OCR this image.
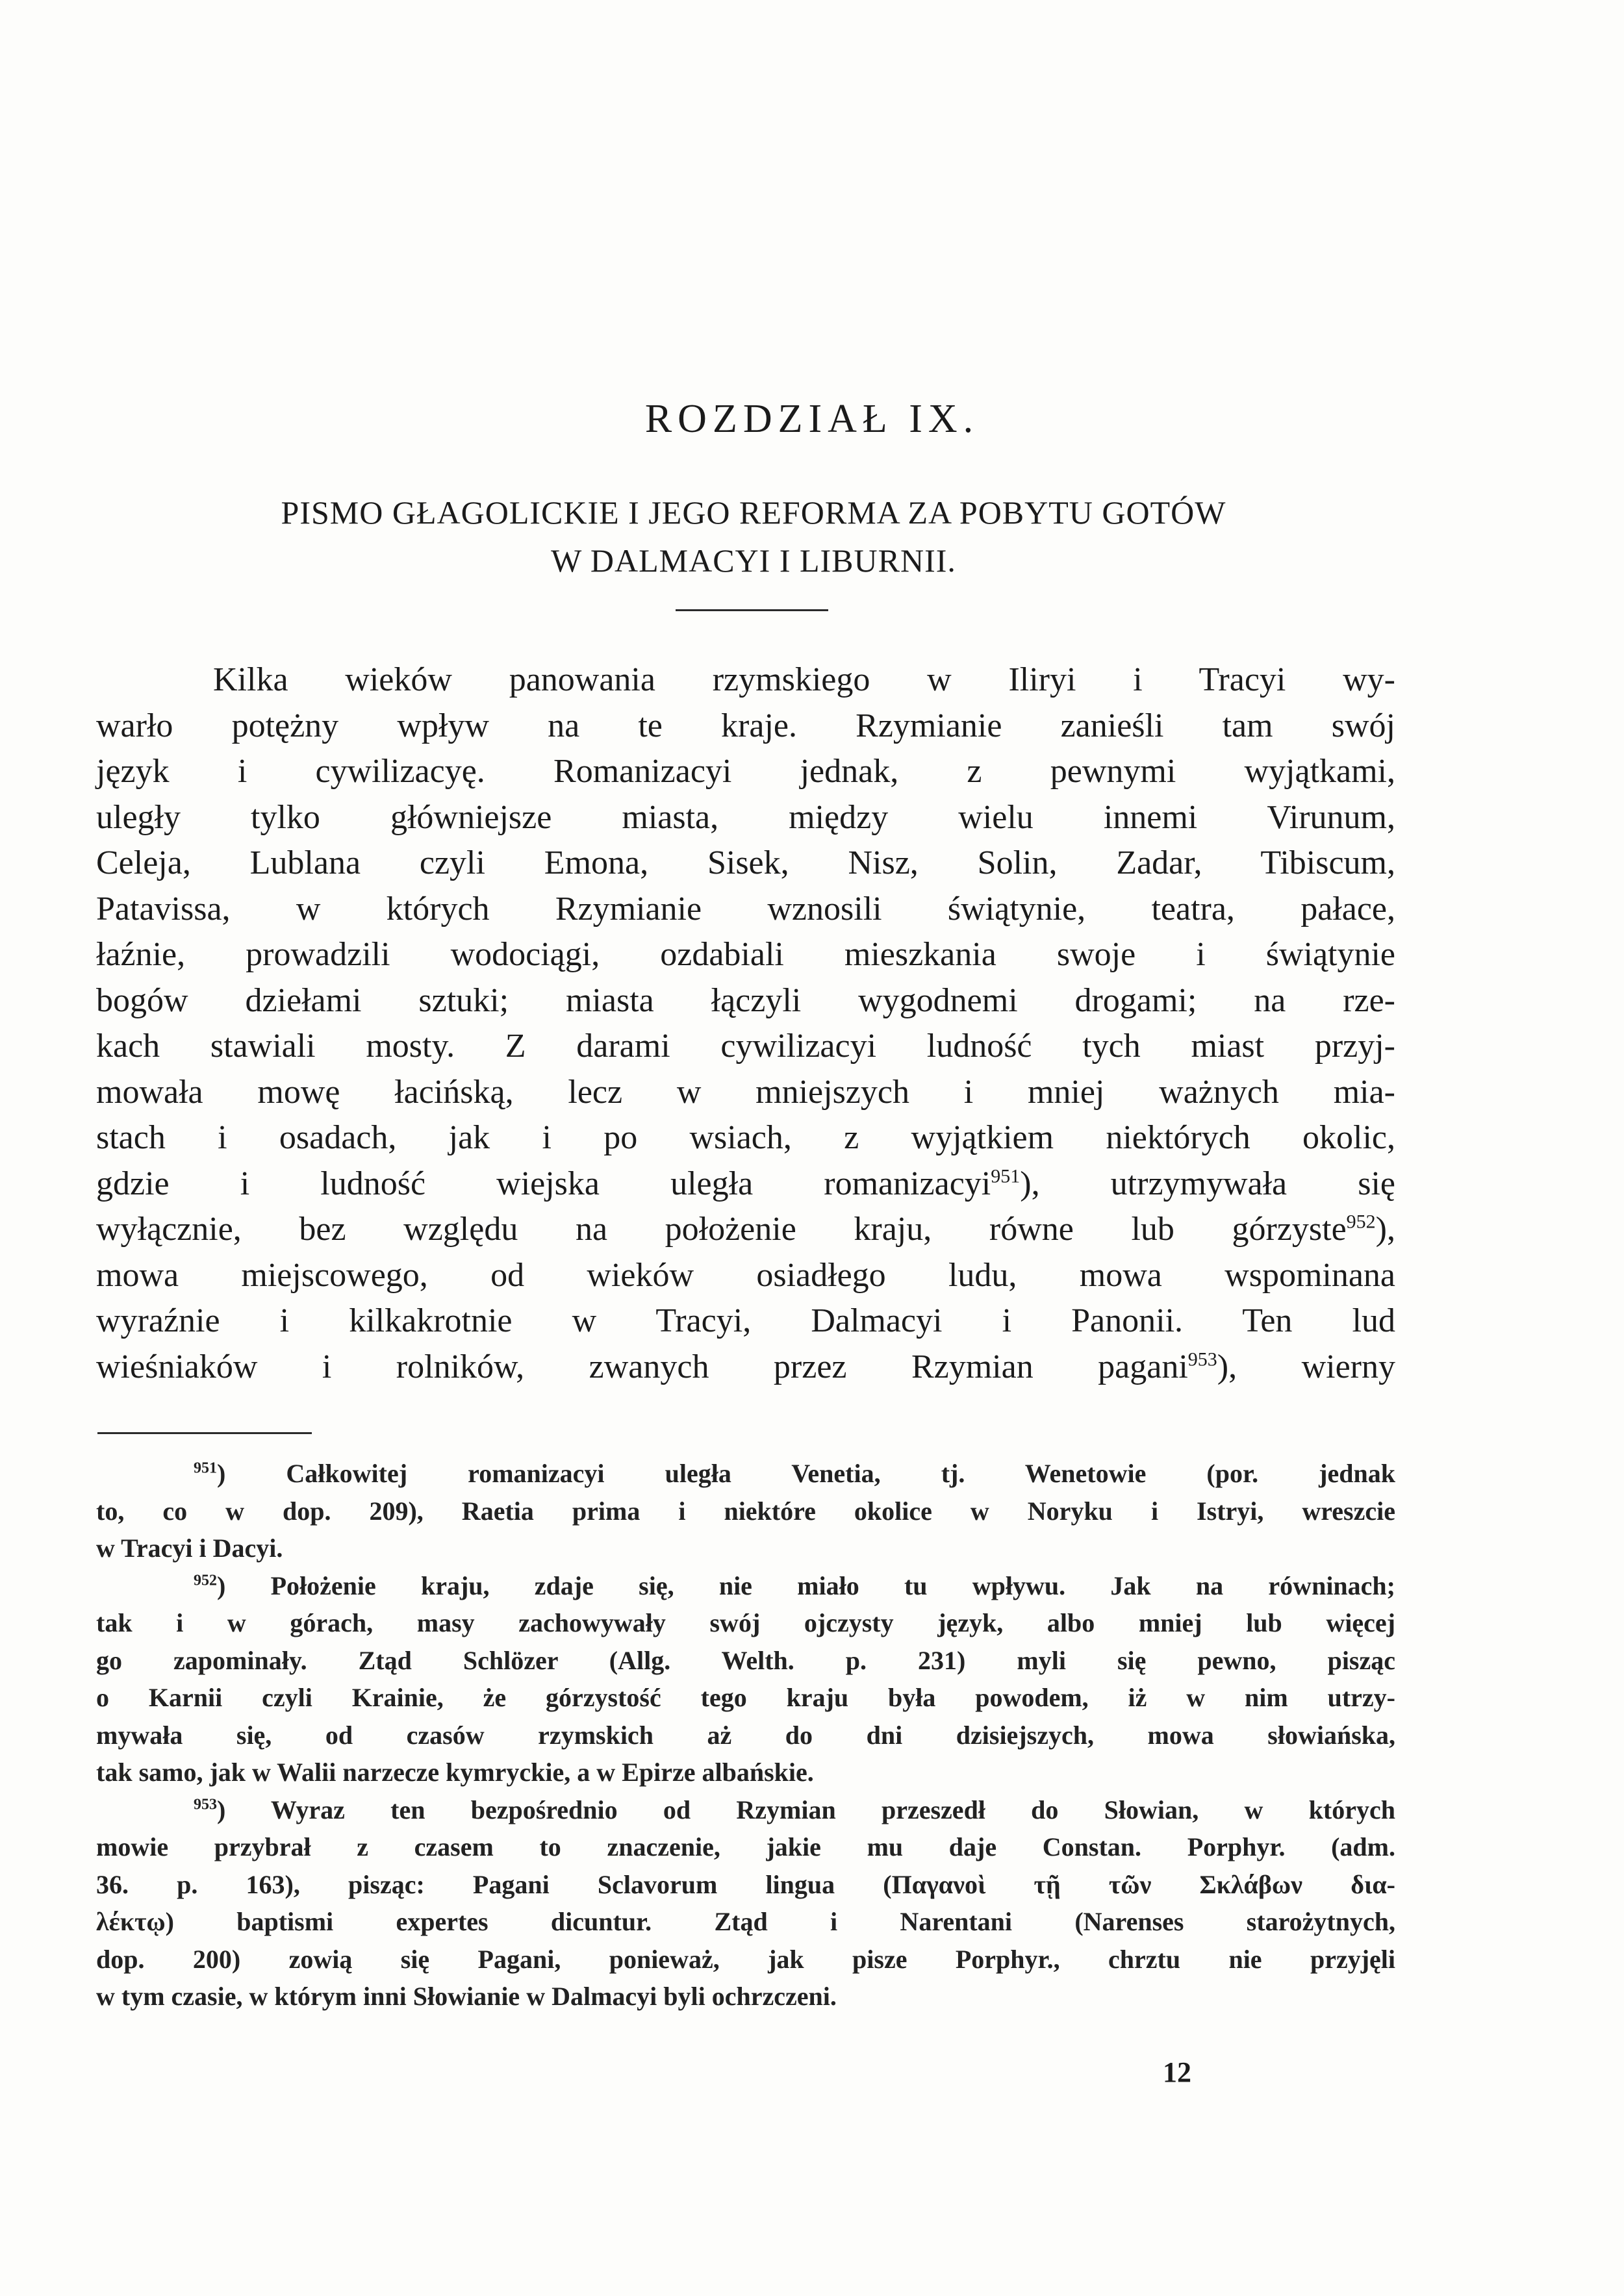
ROZDZIAŁ IX.
PISMO GŁAGOLICKIE I JEGO REFORMA ZA POBYTU GOTÓW
W DALMACYI I LIBURNII.
Kilka wieków panowania rzymskiego w Iliryi i Tracyi wy-
warło potężny wpływ na te kraje. Rzymianie zanieśli tam swój
język i cywilizacyę. Romanizacyi jednak, z pewnymi wyjątkami,
uległy tylko główniejsze miasta, między wielu innemi Virunum,
Celeja, Lublana czyli Emona, Sisek, Nisz, Solin, Zadar, Tibiscum,
Patavissa, w których Rzymianie wznosili świątynie, teatra, pałace,
łaźnie, prowadzili wodociągi, ozdabiali mieszkania swoje i świątynie
bogów dziełami sztuki; miasta łączyli wygodnemi drogami; na rze-
kach stawiali mosty. Z darami cywilizacyi ludność tych miast przyj-
mowała mowę łacińską, lecz w mniejszych i mniej ważnych mia-
stach i osadach, jak i po wsiach, z wyjątkiem niektórych okolic,
gdzie i ludność wiejska uległa romanizacyi$^{951}$), utrzymywała się
wyłącznie, bez względu na położenie kraju, równe lub górzyste$^{952}$),
mowa miejscowego, od wieków osiadłego ludu, mowa wspominana
wyraźnie i kilkakrotnie w Tracyi, Dalmacyi i Panonii. Ten lud
wieśniaków i rolników, zwanych przez Rzymian pagani$^{953}$), wierny
$^{951}$) Całkowitej romanizacyi uległa Venetia, tj. Wenetowie (por. jednak
to, co w dop. 209), Raetia prima i niektóre okolice w Noryku i Istryi, wreszcie
w Tracyi i Dacyi.
$^{952}$) Położenie kraju, zdaje się, nie miało tu wpływu. Jak na równinach;
tak i w górach, masy zachowywały swój ojczysty język, albo mniej lub więcej
go zapominały. Ztąd Schlözer (Allg. Welth. p. 231) myli się pewno, pisząc
o Karnii czyli Krainie, że górzystość tego kraju była powodem, iż w nim utrzy-
mywała się, od czasów rzymskich aż do dni dzisiejszych, mowa słowiańska,
tak samo, jak w Walii narzecze kymryckie, a w Epirze albańskie.
$^{953}$) Wyraz ten bezpośrednio od Rzymian przeszedł do Słowian, w których
mowie przybrał z czasem to znaczenie, jakie mu daje Constan. Porphyr. (adm.
36. p. 163), pisząc: Pagani Sclavorum lingua (Παγανοὶ τῇ τῶν Σκλάβων δια-
λέκτῳ) baptismi expertes dicuntur. Ztąd i Narentani (Narenses starożytnych,
dop. 200) zowią się Pagani, ponieważ, jak pisze Porphyr., chrztu nie przyjęli
w tym czasie, w którym inni Słowianie w Dalmacyi byli ochrzczeni.
12
